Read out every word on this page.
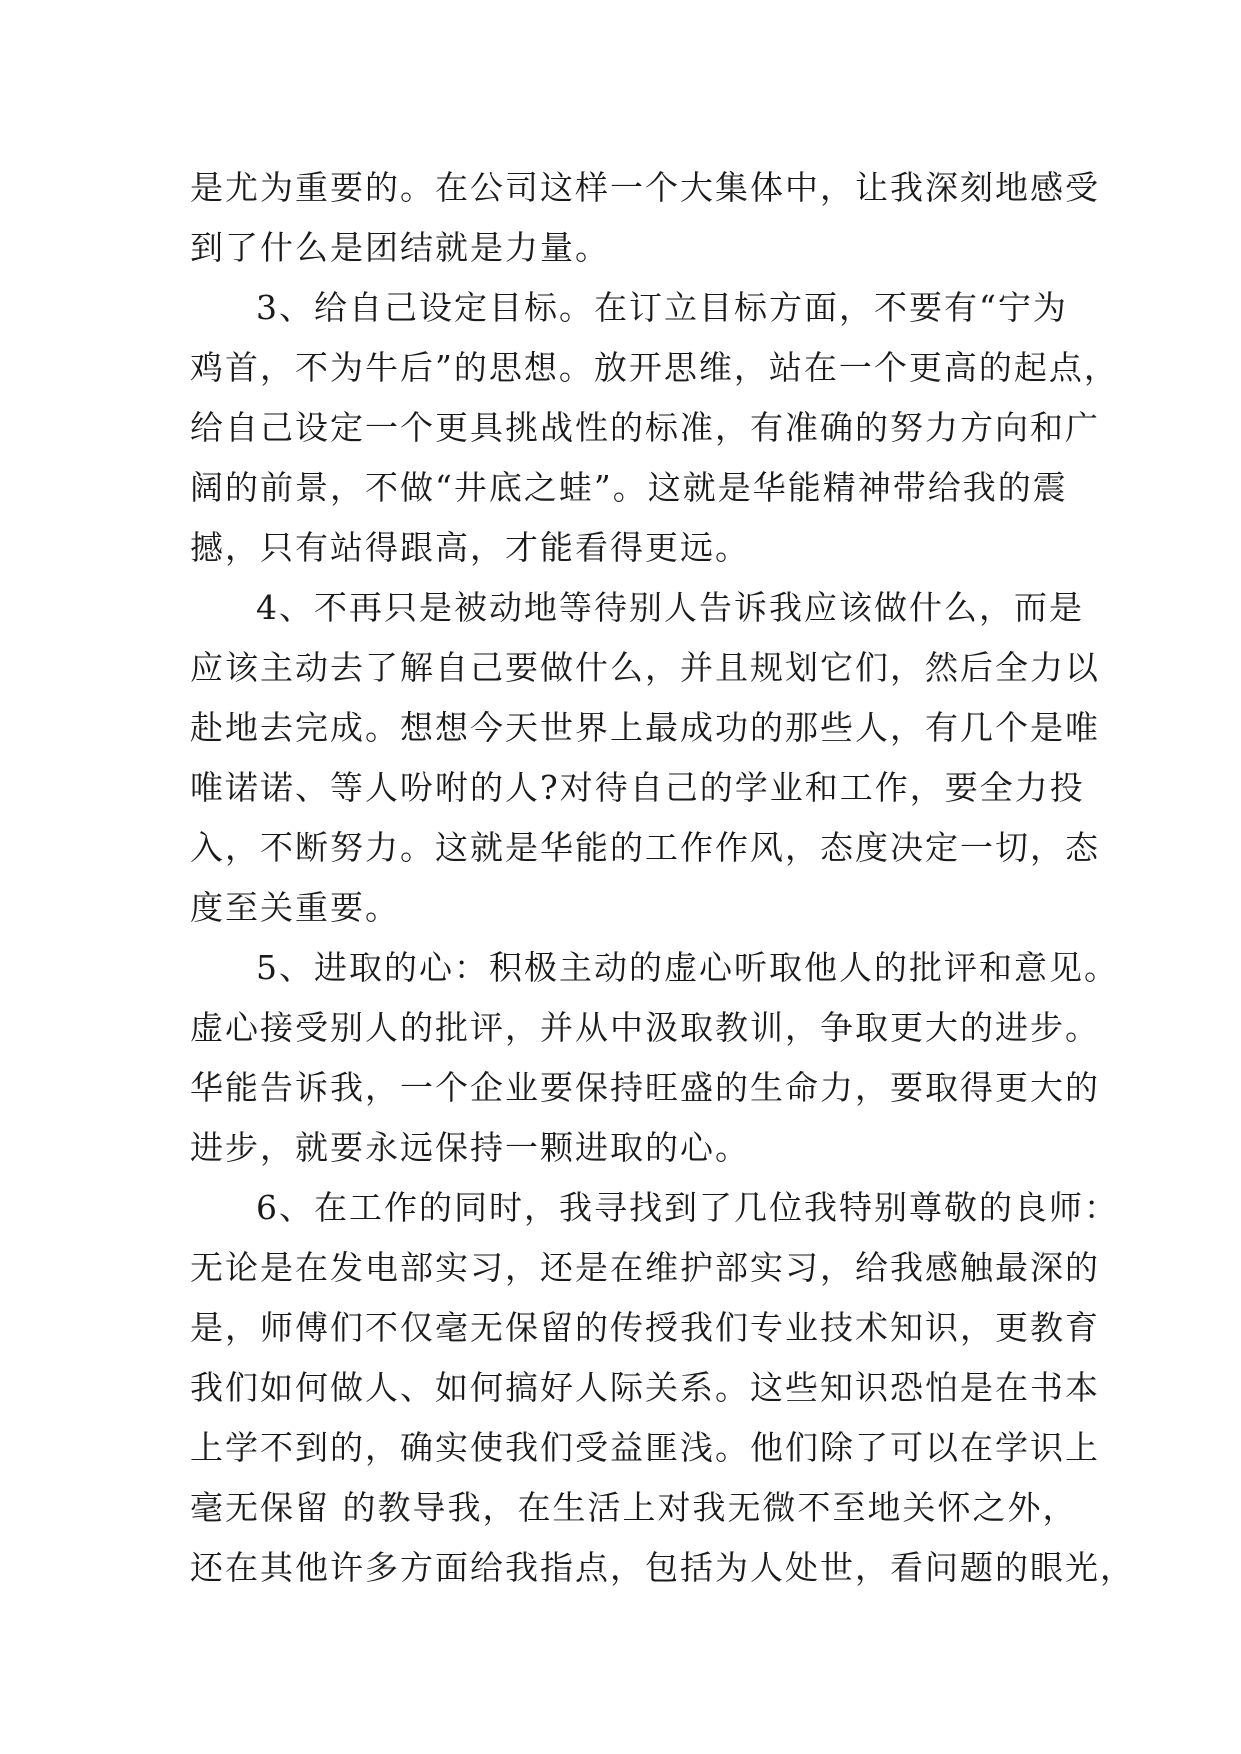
是尤为重要的。在公司这样一个大集体中，让我深刻地感受
到了什么是团结就是力量。
3、给自己设定目标。在订立目标方面，不要有“宁为
鸡首，不为牛后”的思想。放开思维，站在一个更高的起点，
给自己设定一个更具挑战性的标准，有准确的努力方向和广
阔的前景，不做“井底之蛙”。这就是华能精神带给我的震
撼，只有站得跟高，才能看得更远。
4、不再只是被动地等待别人告诉我应该做什么，而是
应该主动去了解自己要做什么，并且规划它们，然后全力以
赴地去完成。想想今天世界上最成功的那些人，有几个是唯
唯诺诺、等人吩咐的人?对待自己的学业和工作，要全力投
入，不断努力。这就是华能的工作作风，态度决定一切，态
度至关重要。
5、进取的心：积极主动的虚心听取他人的批评和意见。
虚心接受别人的批评，并从中汲取教训，争取更大的进步。
华能告诉我，一个企业要保持旺盛的生命力，要取得更大的
进步，就要永远保持一颗进取的心。
6、在工作的同时，我寻找到了几位我特别尊敬的良师：
无论是在发电部实习，还是在维护部实习，给我感触最深的
是，师傅们不仅毫无保留的传授我们专业技术知识，更教育
我们如何做人、如何搞好人际关系。这些知识恐怕是在书本
上学不到的，确实使我们受益匪浅。他们除了可以在学识上
毫无保留 的教导我，在生活上对我无微不至地关怀之外，
还在其他许多方面给我指点，包括为人处世，看问题的眼光，
